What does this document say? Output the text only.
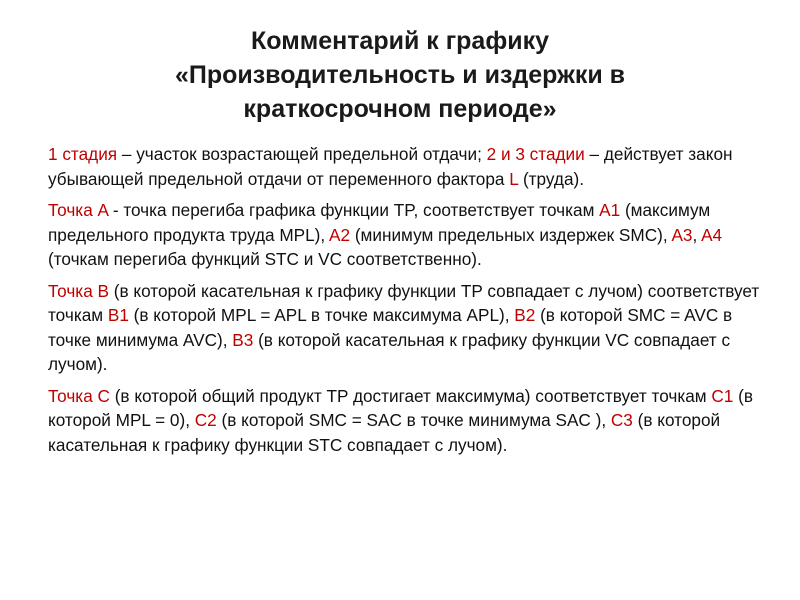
Комментарий к графику
«Производительность и издержки в
краткосрочном периоде»

1 стадия – участок возрастающей предельной отдачи; 2 и 3 стадии – действует закон убывающей предельной отдачи от переменного фактора L (труда).

Точка A - точка перегиба графика функции TP, соответствует точкам A1 (максимум предельного продукта труда MPL), A2 (минимум предельных издержек SMC), A3, A4 (точкам перегиба функций STC и VC соответственно).

Точка B (в которой касательная к графику функции TP совпадает с лучом) соответствует точкам B1 (в которой MPL = APL в точке максимума APL), B2 (в которой SMC = AVC в точке минимума AVC), B3 (в которой касательная к графику функции VC совпадает с лучом).

Точка C (в которой общий продукт TP достигает максимума) соответствует точкам C1 (в которой MPL = 0), C2 (в которой SMC = SAC в точке минимума SAC ), C3 (в которой касательная к графику функции STC совпадает с лучом).
